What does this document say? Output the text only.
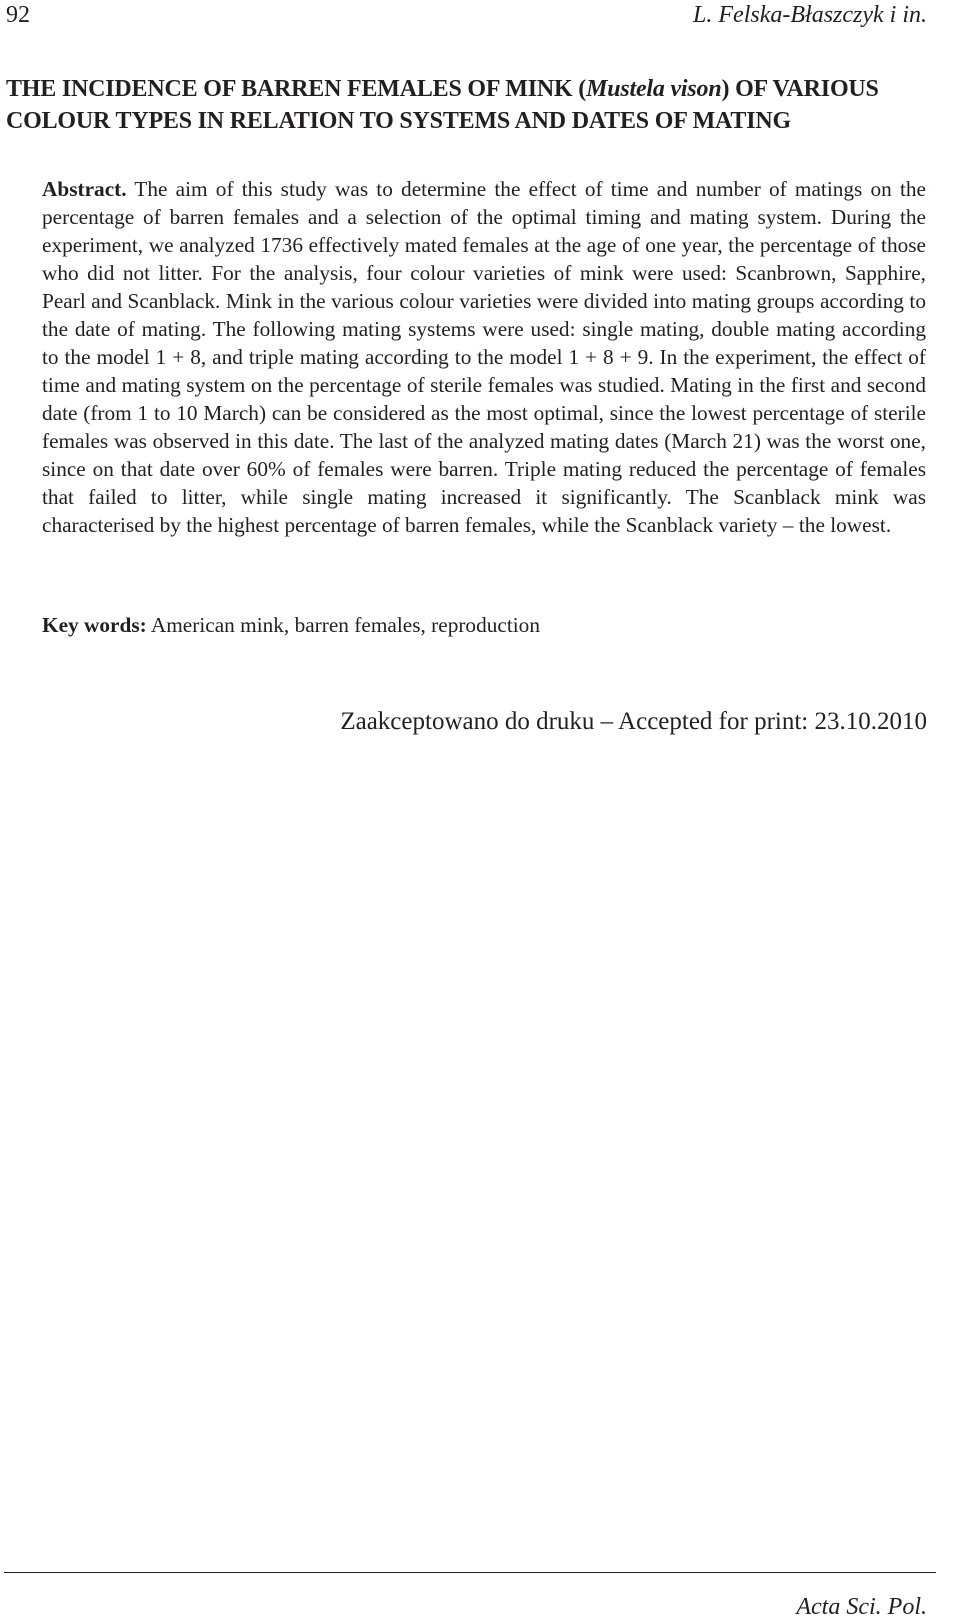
92	L. Felska-Błaszczyk i in.
THE INCIDENCE OF BARREN FEMALES OF MINK (Mustela vison) OF VARIOUS COLOUR TYPES IN RELATION TO SYSTEMS AND DATES OF MATING

Abstract. The aim of this study was to determine the effect of time and number of matings on the percentage of barren females and a selection of the optimal timing and mating system. During the experiment, we analyzed 1736 effectively mated females at the age of one year, the percentage of those who did not litter. For the analysis, four colour varieties of mink were used: Scanbrown, Sapphire, Pearl and Scanblack. Mink in the various colour varieties were divided into mating groups according to the date of mating. The following mating systems were used: single mating, double mating according to the model 1 + 8, and triple mating according to the model 1 + 8 + 9. In the experiment, the effect of time and mating system on the percentage of sterile females was studied. Mating in the first and second date (from 1 to 10 March) can be considered as the most optimal, since the lowest percentage of sterile females was observed in this date. The last of the analyzed mating dates (March 21) was the worst one, since on that date over 60% of females were barren. Triple mating reduced the percentage of females that failed to litter, while single mating increased it significantly. The Scanblack mink was characterised by the highest percentage of barren females, while the Scanblack variety – the lowest.

Key words: American mink, barren females, reproduction

Zaakceptowano do druku – Accepted for print: 23.10.2010

Acta Sci. Pol.
